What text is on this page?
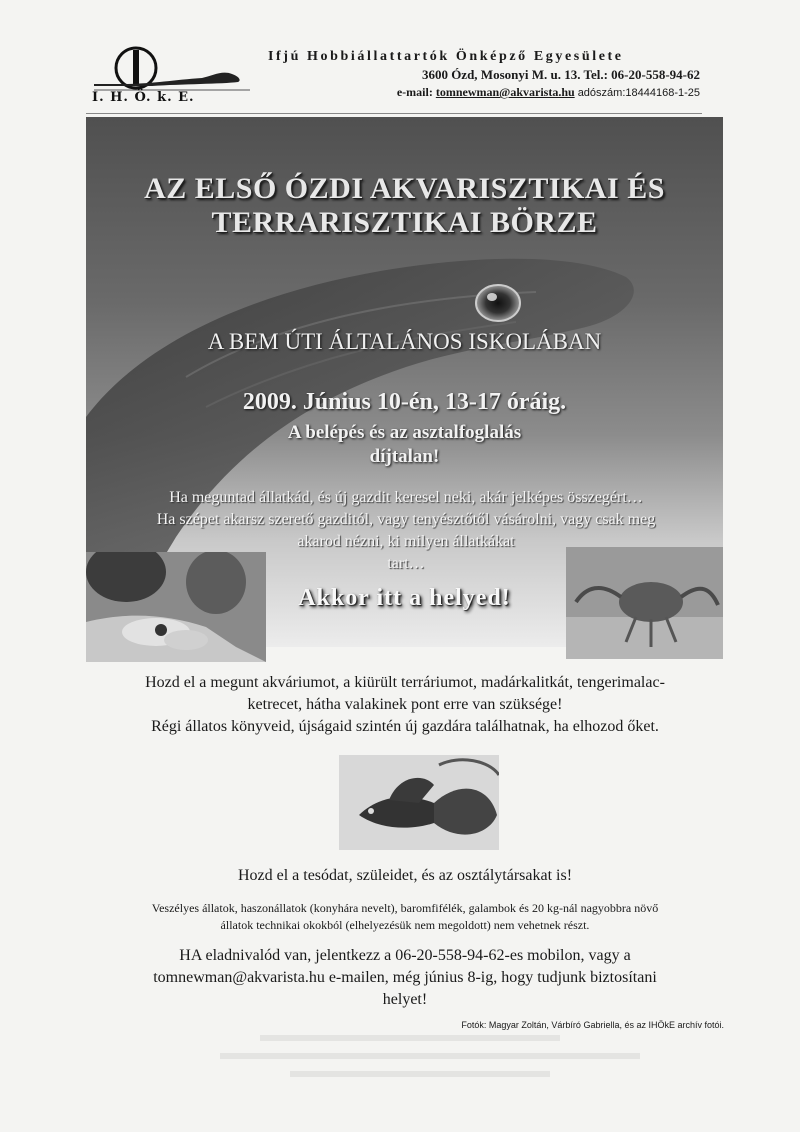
I. H. Ö. k. E.
Ifjú Hobbiállattartók Önképző Egyesülete
3600 Ózd, Mosonyi M. u. 13. Tel.: 06-20-558-94-62
e-mail: tomnewman@akvarista.hu adószám:18444168-1-25
AZ ELSŐ ÓZDI AKVARISZTIKAI ÉS
TERRARISZTIKAI BÖRZE
A BEM ÚTI ÁLTALÁNOS ISKOLÁBAN
2009. Június 10-én, 13-17 óráig.
A belépés és az asztalfoglalás
díjtalan!
Ha meguntad állatkád, és új gazdit keresel neki, akár jelképes összegért…
Ha szépet akarsz szerető gazditól, vagy tenyésztőtől vásárolni, vagy csak meg
akarod nézni, ki milyen állatkákat
tart…
Akkor itt a helyed!
Hozd el a megunt akváriumot, a kiürült terráriumot, madárkalitkát, tengerimalac-
ketrecet, hátha valakinek pont erre van szüksége!
Régi állatos könyveid, újságaid szintén új gazdára találhatnak, ha elhozod őket.
Hozd el a tesódat, szüleidet, és az osztálytársakat is!
Veszélyes állatok, haszonállatok (konyhára nevelt), baromfifélék, galambok és 20 kg-nál nagyobbra növő
állatok technikai okokból (elhelyezésük nem megoldott) nem vehetnek részt.
HA eladnivalód van, jelentkezz a 06-20-558-94-62-es mobilon, vagy a
tomnewman@akvarista.hu e-mailen, még június 8-ig, hogy tudjunk biztosítani
helyet!
Fotók: Magyar Zoltán, Várbíró Gabriella, és az IHÖkE archív fotói.
